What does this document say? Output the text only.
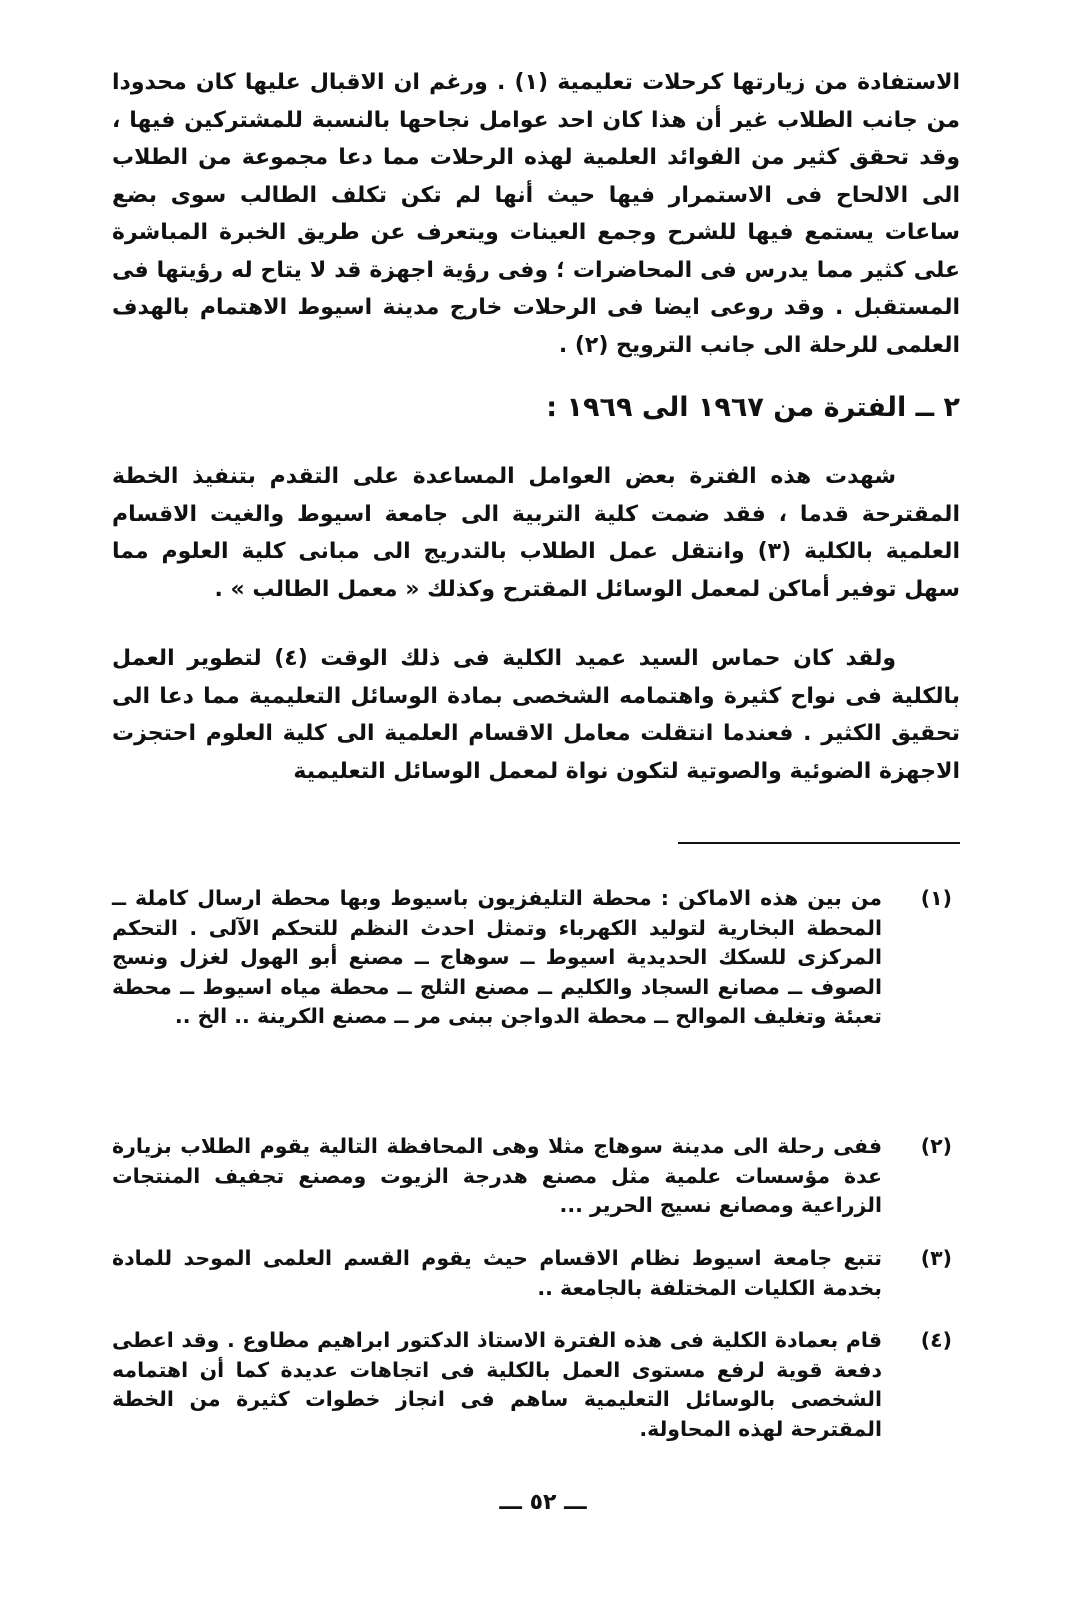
الاستفادة من زيارتها كرحلات تعليمية (١) . ورغم ان الاقبال عليها كان محدودا من جانب الطلاب غير أن هذا كان احد عوامل نجاحها بالنسبة للمشتركين فيها ، وقد تحقق كثير من الفوائد العلمية لهذه الرحلات مما دعا مجموعة من الطلاب الى الالحاح فى الاستمرار فيها حيث أنها لم تكن تكلف الطالب سوى بضع ساعات يستمع فيها للشرح وجمع العينات ويتعرف عن طريق الخبرة المباشرة على كثير مما يدرس فى المحاضرات ؛ وفى رؤية اجهزة قد لا يتاح له رؤيتها فى المستقبل . وقد روعى ايضا فى الرحلات خارج مدينة اسيوط الاهتمام بالهدف العلمى للرحلة الى جانب الترويح (٢) .

٢ ــ الفترة من ١٩٦٧ الى ١٩٦٩ :

شهدت هذه الفترة بعض العوامل المساعدة على التقدم بتنفيذ الخطة المقترحة قدما ، فقد ضمت كلية التربية الى جامعة اسيوط والغيت الاقسام العلمية بالكلية (٣) وانتقل عمل الطلاب بالتدريج الى مبانى كلية العلوم مما سهل توفير أماكن لمعمل الوسائل المقترح وكذلك « معمل الطالب » .

ولقد كان حماس السيد عميد الكلية فى ذلك الوقت (٤) لتطوير العمل بالكلية فى نواح كثيرة واهتمامه الشخصى بمادة الوسائل التعليمية مما دعا الى تحقيق الكثير . فعندما انتقلت معامل الاقسام العلمية الى كلية العلوم احتجزت الاجهزة الضوئية والصوتية لتكون نواة لمعمل الوسائل التعليمية

(١)
من بين هذه الاماكن : محطة التليفزيون باسيوط وبها محطة ارسال كاملة ــ المحطة البخارية لتوليد الكهرباء وتمثل احدث النظم للتحكم الآلى . التحكم المركزى للسكك الحديدية اسيوط ــ سوهاج ــ مصنع أبو الهول لغزل ونسج الصوف ــ مصانع السجاد والكليم ــ مصنع الثلج ــ محطة مياه اسيوط ــ محطة تعبئة وتغليف الموالح ــ محطة الدواجن ببنى مر ــ مصنع الكرينة .. الخ ..
(٢)
ففى رحلة الى مدينة سوهاج مثلا وهى المحافظة التالية يقوم الطلاب بزيارة عدة مؤسسات علمية مثل مصنع هدرجة الزيوت ومصنع تجفيف المنتجات الزراعية ومصانع نسيج الحرير ...
(٣)
تتبع جامعة اسيوط نظام الاقسام حيث يقوم القسم العلمى الموحد للمادة بخدمة الكليات المختلفة بالجامعة ..
(٤)
قام بعمادة الكلية فى هذه الفترة الاستاذ الدكتور ابراهيم مطاوع . وقد اعطى دفعة قوية لرفع مستوى العمل بالكلية فى اتجاهات عديدة كما أن اهتمامه الشخصى بالوسائل التعليمية ساهم فى انجاز خطوات كثيرة من الخطة المقترحة لهذه المحاولة.
ـــ ٥٢ ـــ
